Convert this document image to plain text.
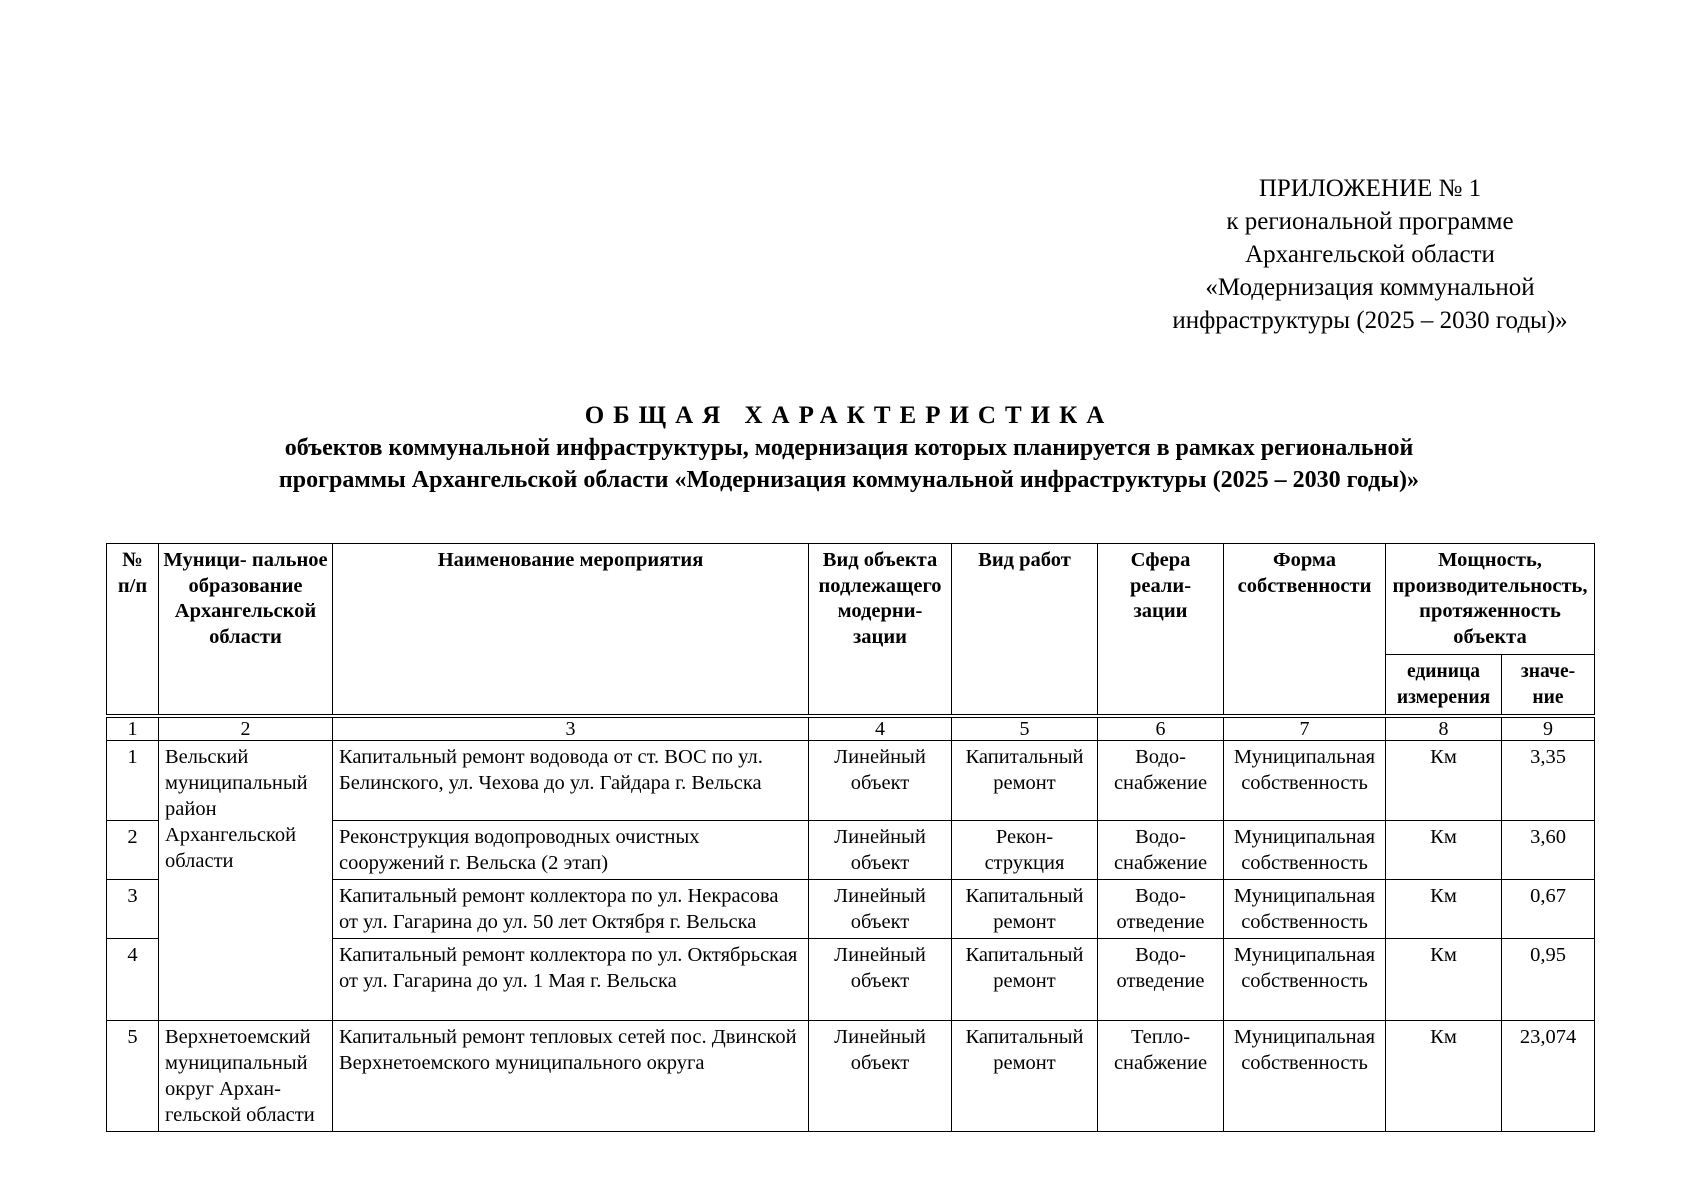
ПРИЛОЖЕНИЕ № 1
к региональной программе
Архангельской области
«Модернизация коммунальной
инфраструктуры (2025 – 2030 годы)»
ОБЩАЯ ХАРАКТЕРИСТИКА
объектов коммунальной инфраструктуры, модернизация которых планируется в рамках региональной
программы Архангельской области «Модернизация коммунальной инфраструктуры (2025 – 2030 годы)»
№ п/п	Муници- пальное образование Архангельской области	Наименование мероприятия	Вид объекта подлежащего модерни- зации	Вид работ	Сфера реали- зации	Форма собственности	Мощность, производительность, протяженность объекта	
							единица измерения	значе- ние
1	2	3	4	5	6	7	8	9
1	Вельский муниципальный район Архангельской области	Капитальный ремонт водовода от ст. ВОС по ул. Белинского, ул. Чехова до ул. Гайдара г. Вельска	Линейный объект	Капитальный ремонт	Водо- снабжение	Муниципальная собственность	Км	3,35
2		Реконструкция водопроводных очистных сооружений г. Вельска (2 этап)	Линейный объект	Рекон- струкция	Водо- снабжение	Муниципальная собственность	Км	3,60
3		Капитальный ремонт коллектора по ул. Некрасова от ул. Гагарина до ул. 50 лет Октября г. Вельска	Линейный объект	Капитальный ремонт	Водо- отведение	Муниципальная собственность	Км	0,67
4		Капитальный ремонт коллектора по ул. Октябрьская от ул. Гагарина до ул. 1 Мая г. Вельска	Линейный объект	Капитальный ремонт	Водо- отведение	Муниципальная собственность	Км	0,95
5	Верхнетоемский муниципальный округ Архан- гельской области	Капитальный ремонт тепловых сетей пос. Двинской Верхнетоемского муниципального округа	Линейный объект	Капитальный ремонт	Тепло- снабжение	Муниципальная собственность	Км	23,074
